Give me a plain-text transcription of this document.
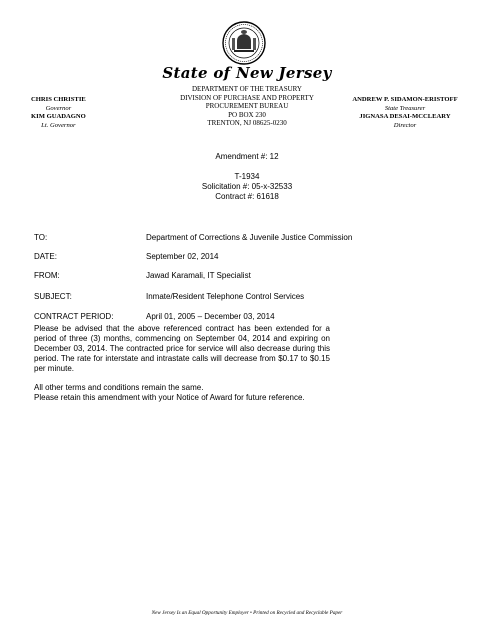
State of New Jersey
DEPARTMENT OF THE TREASURY
DIVISION OF PURCHASE AND PROPERTY
PROCUREMENT BUREAU
PO BOX 230
TRENTON, NJ 08625-0230
CHRIS CHRISTIE
Governor
KIM GUADAGNO
Lt. Governor
ANDREW P. SIDAMON-ERISTOFF
State Treasurer
JIGNASA DESAI-MCCLEARY
Director
Amendment #: 12
T-1934
Solicitation #: 05-x-32533
Contract #: 61618
TO:	Department of Corrections & Juvenile Justice Commission
DATE:	September 02, 2014
FROM:	Jawad Karamali, IT Specialist
SUBJECT:	Inmate/Resident Telephone Control Services
CONTRACT PERIOD:	April 01, 2005 – December 03, 2014

Please be advised that the above referenced contract has been extended for a period of three (3) months, commencing on September 04, 2014 and expiring on December 03, 2014. The contracted price for service will also decrease during this period. The rate for interstate and intrastate calls will decrease from $0.17 to $0.15 per minute.

All other terms and conditions remain the same.
Please retain this amendment with your Notice of Award for future reference.
New Jersey Is an Equal Opportunity Employer • Printed on Recycled and Recyclable Paper
